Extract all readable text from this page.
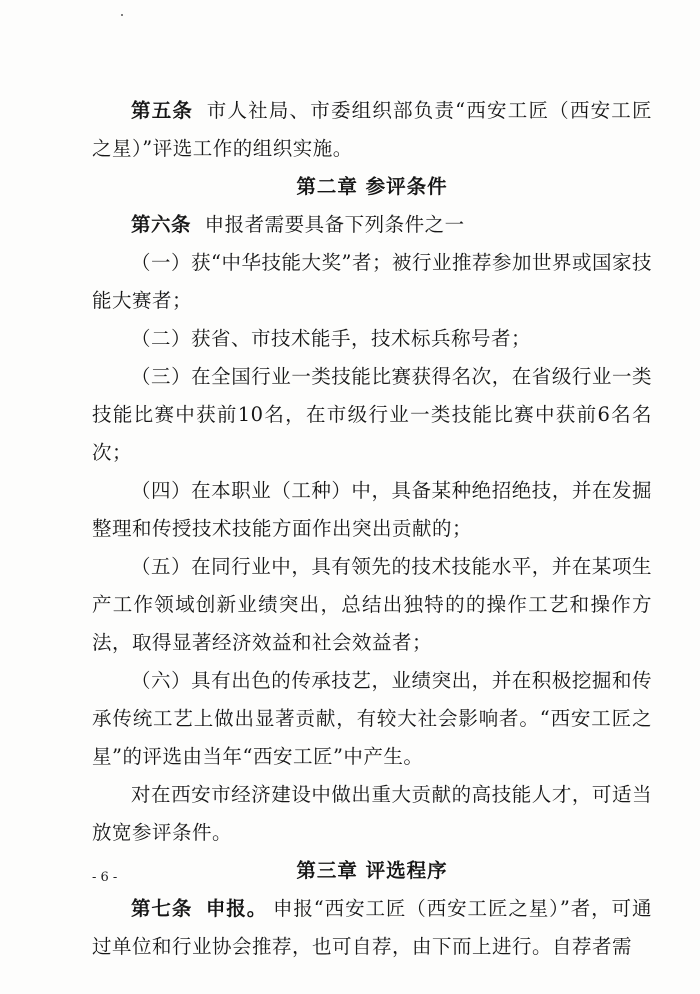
第五条 市人社局、市委组织部负责“西安工匠（西安工匠之星）”评选工作的组织实施。

第二章 参评条件

第六条 申报者需要具备下列条件之一

（一）获“中华技能大奖”者；被行业推荐参加世界或国家技能大赛者；

（二）获省、市技术能手，技术标兵称号者；

（三）在全国行业一类技能比赛获得名次，在省级行业一类技能比赛中获前10名，在市级行业一类技能比赛中获前6名名次；

（四）在本职业（工种）中，具备某种绝招绝技，并在发掘整理和传授技术技能方面作出突出贡献的；

（五）在同行业中，具有领先的技术技能水平，并在某项生产工作领域创新业绩突出，总结出独特的的操作工艺和操作方法，取得显著经济效益和社会效益者；

（六）具有出色的传承技艺，业绩突出，并在积极挖掘和传承传统工艺上做出显著贡献，有较大社会影响者。“西安工匠之星”的评选由当年“西安工匠”中产生。

对在西安市经济建设中做出重大贡献的高技能人才，可适当放宽参评条件。

第三章 评选程序

第七条 申报。 申报“西安工匠（西安工匠之星）”者，可通过单位和行业协会推荐，也可自荐，由下而上进行。自荐者需

- 6 -
